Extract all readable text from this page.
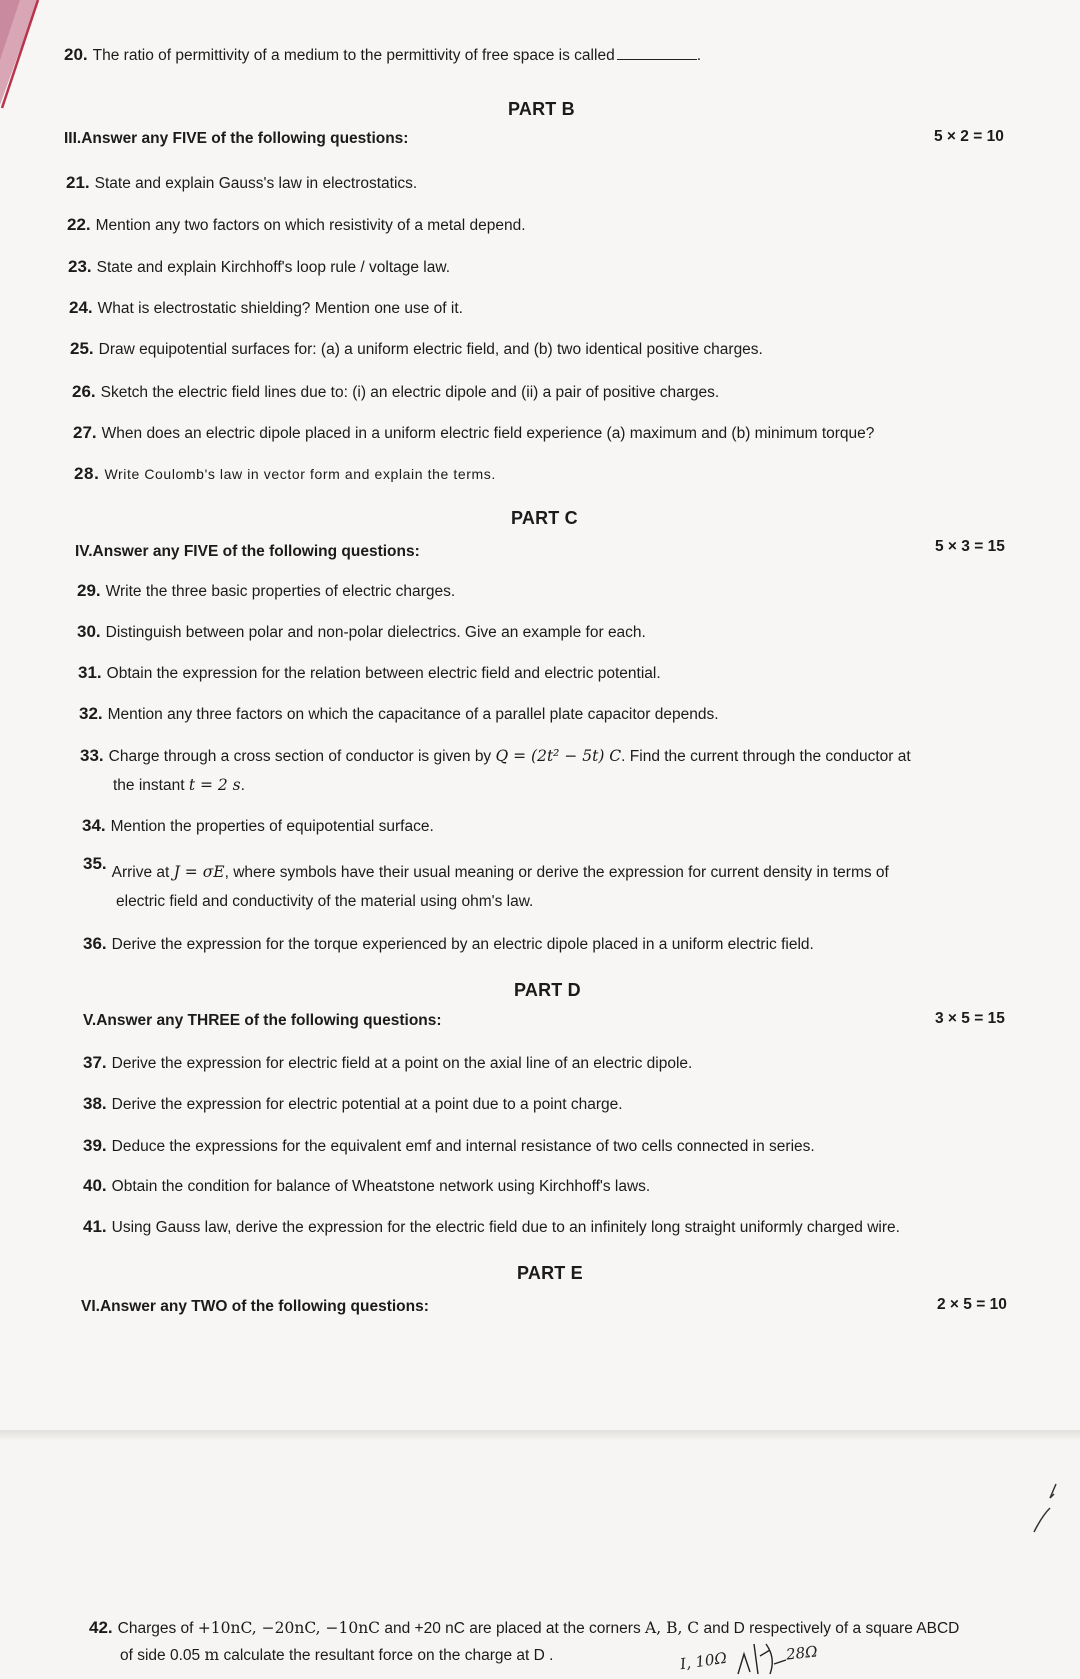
20. The ratio of permittivity of a medium to the permittivity of free space is called	.
PART B
III.Answer any FIVE of the following questions:	5 × 2 = 10
21. State and explain Gauss's law in electrostatics.
22. Mention any two factors on which resistivity of a metal depend.
23. State and explain Kirchhoff's loop rule / voltage law.
24. What is electrostatic shielding? Mention one use of it.
25. Draw equipotential surfaces for: (a) a uniform electric field, and (b) two identical positive charges.
26. Sketch the electric field lines due to: (i) an electric dipole and (ii) a pair of positive charges.
27. When does an electric dipole placed in a uniform electric field experience (a) maximum and (b) minimum torque?
28. Write Coulomb's law in vector form and explain the terms.
PART C
IV.Answer any FIVE of the following questions:	5 × 3 = 15
29. Write the three basic properties of electric charges.
30. Distinguish between polar and non-polar dielectrics. Give an example for each.
31. Obtain the expression for the relation between electric field and electric potential.
32. Mention any three factors on which the capacitance of a parallel plate capacitor depends.
33. Charge through a cross section of conductor is given by Q = (2t² − 5t) C. Find the current through the conductor at
the instant t = 2 s.
34. Mention the properties of equipotential surface.
35. Arrive at J = σE, where symbols have their usual meaning or derive the expression for current density in terms of
electric field and conductivity of the material using ohm's law.
36. Derive the expression for the torque experienced by an electric dipole placed in a uniform electric field.
PART D
V.Answer any THREE of the following questions:	3 × 5 = 15
37. Derive the expression for electric field at a point on the axial line of an electric dipole.
38. Derive the expression for electric potential at a point due to a point charge.
39. Deduce the expressions for the equivalent emf and internal resistance of two cells connected in series.
40. Obtain the condition for balance of Wheatstone network using Kirchhoff's laws.
41. Using Gauss law, derive the expression for the electric field due to an infinitely long straight uniformly charged wire.
PART E
VI.Answer any TWO of the following questions:	2 × 5 = 10
42. Charges of +10nC, −20nC, −10nC and +20 nC are placed at the corners A, B, C and D respectively of a square ABCD
of side 0.05 m calculate the resultant force on the charge at D .	I, 10Ω	28Ω
